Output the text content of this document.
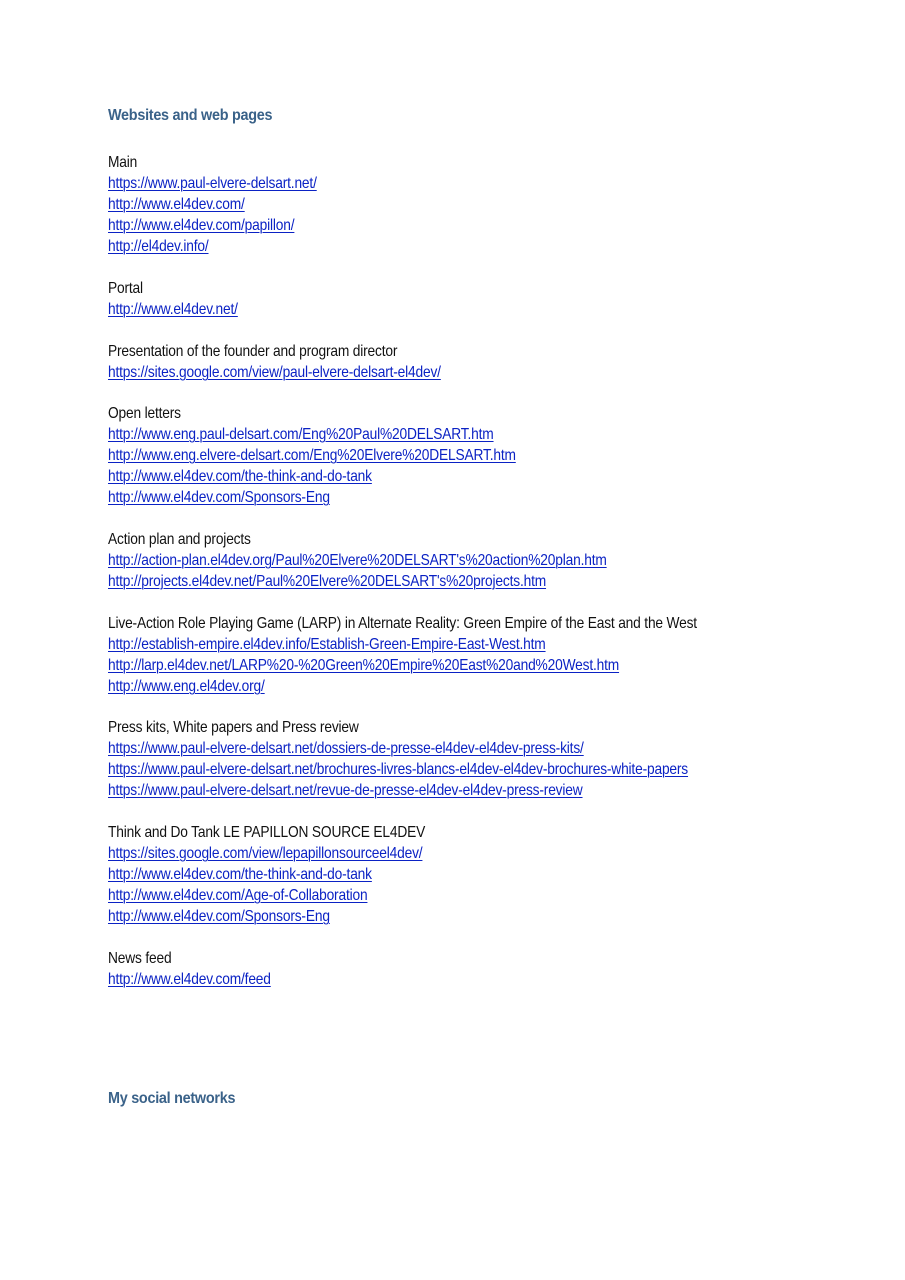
Websites and web pages
Main
https://www.paul-elvere-delsart.net/
http://www.el4dev.com/
http://www.el4dev.com/papillon/
http://el4dev.info/
Portal
http://www.el4dev.net/
Presentation of the founder and program director
https://sites.google.com/view/paul-elvere-delsart-el4dev/
Open letters
http://www.eng.paul-delsart.com/Eng%20Paul%20DELSART.htm
http://www.eng.elvere-delsart.com/Eng%20Elvere%20DELSART.htm
http://www.el4dev.com/the-think-and-do-tank
http://www.el4dev.com/Sponsors-Eng
Action plan and projects
http://action-plan.el4dev.org/Paul%20Elvere%20DELSART's%20action%20plan.htm
http://projects.el4dev.net/Paul%20Elvere%20DELSART's%20projects.htm
Live-Action Role Playing Game (LARP) in Alternate Reality: Green Empire of the East and the West
http://establish-empire.el4dev.info/Establish-Green-Empire-East-West.htm
http://larp.el4dev.net/LARP%20-%20Green%20Empire%20East%20and%20West.htm
http://www.eng.el4dev.org/
Press kits, White papers and Press review
https://www.paul-elvere-delsart.net/dossiers-de-presse-el4dev-el4dev-press-kits/
https://www.paul-elvere-delsart.net/brochures-livres-blancs-el4dev-el4dev-brochures-white-papers
https://www.paul-elvere-delsart.net/revue-de-presse-el4dev-el4dev-press-review
Think and Do Tank LE PAPILLON SOURCE EL4DEV
https://sites.google.com/view/lepapillonsourceel4dev/
http://www.el4dev.com/the-think-and-do-tank
http://www.el4dev.com/Age-of-Collaboration
http://www.el4dev.com/Sponsors-Eng
News feed
http://www.el4dev.com/feed
My social networks
